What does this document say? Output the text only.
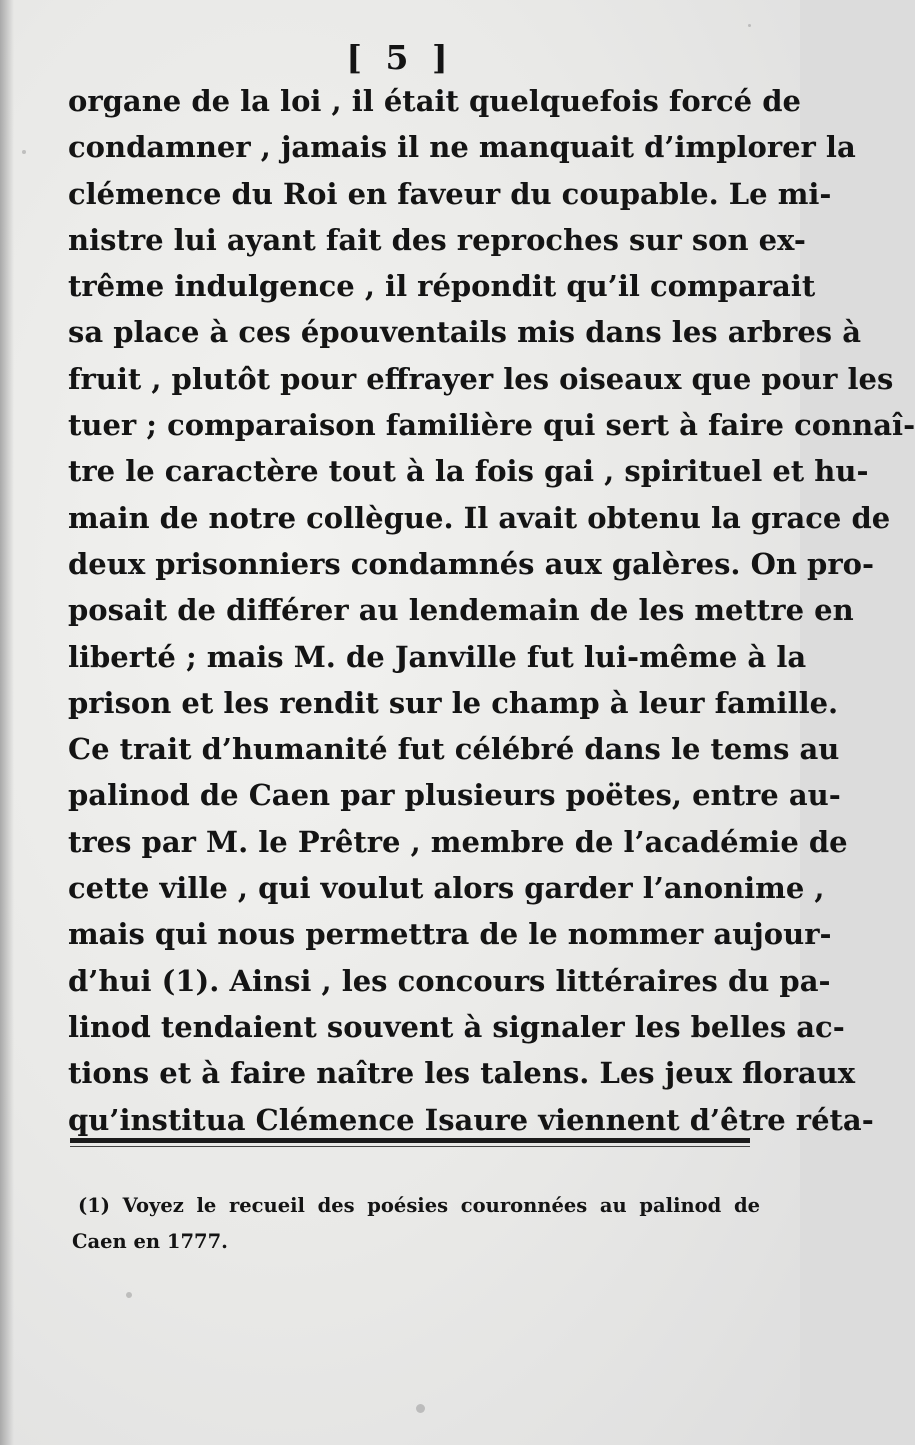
[ 5 ]
organe de la loi , il était quelquefois forcé de
condamner , jamais il ne manquait d’implorer la
clémence du Roi en faveur du coupable. Le mi-
nistre lui ayant fait des reproches sur son ex-
trême indulgence , il répondit qu’il comparait
sa place à ces épouventails mis dans les arbres à
fruit , plutôt pour effrayer les oiseaux que pour les
tuer ; comparaison familière qui sert à faire connaî-
tre le caractère tout à la fois gai , spirituel et hu-
main de notre collègue. Il avait obtenu la grace de
deux prisonniers condamnés aux galères. On pro-
posait de différer au lendemain de les mettre en
liberté ; mais M. de Janville fut lui-même à la
prison et les rendit sur le champ à leur famille.
Ce trait d’humanité fut célébré dans le tems au
palinod de Caen par plusieurs poëtes, entre au-
tres par M. le Prêtre , membre de l’académie de
cette ville , qui voulut alors garder l’anonime ,
mais qui nous permettra de le nommer aujour-
d’hui (1). Ainsi , les concours littéraires du pa-
linod tendaient souvent à signaler les belles ac-
tions et à faire naître les talens. Les jeux floraux
qu’institua Clémence Isaure viennent d’être réta-
(1) Voyez le recueil des poésies couronnées au palinod de
Caen en 1777.
